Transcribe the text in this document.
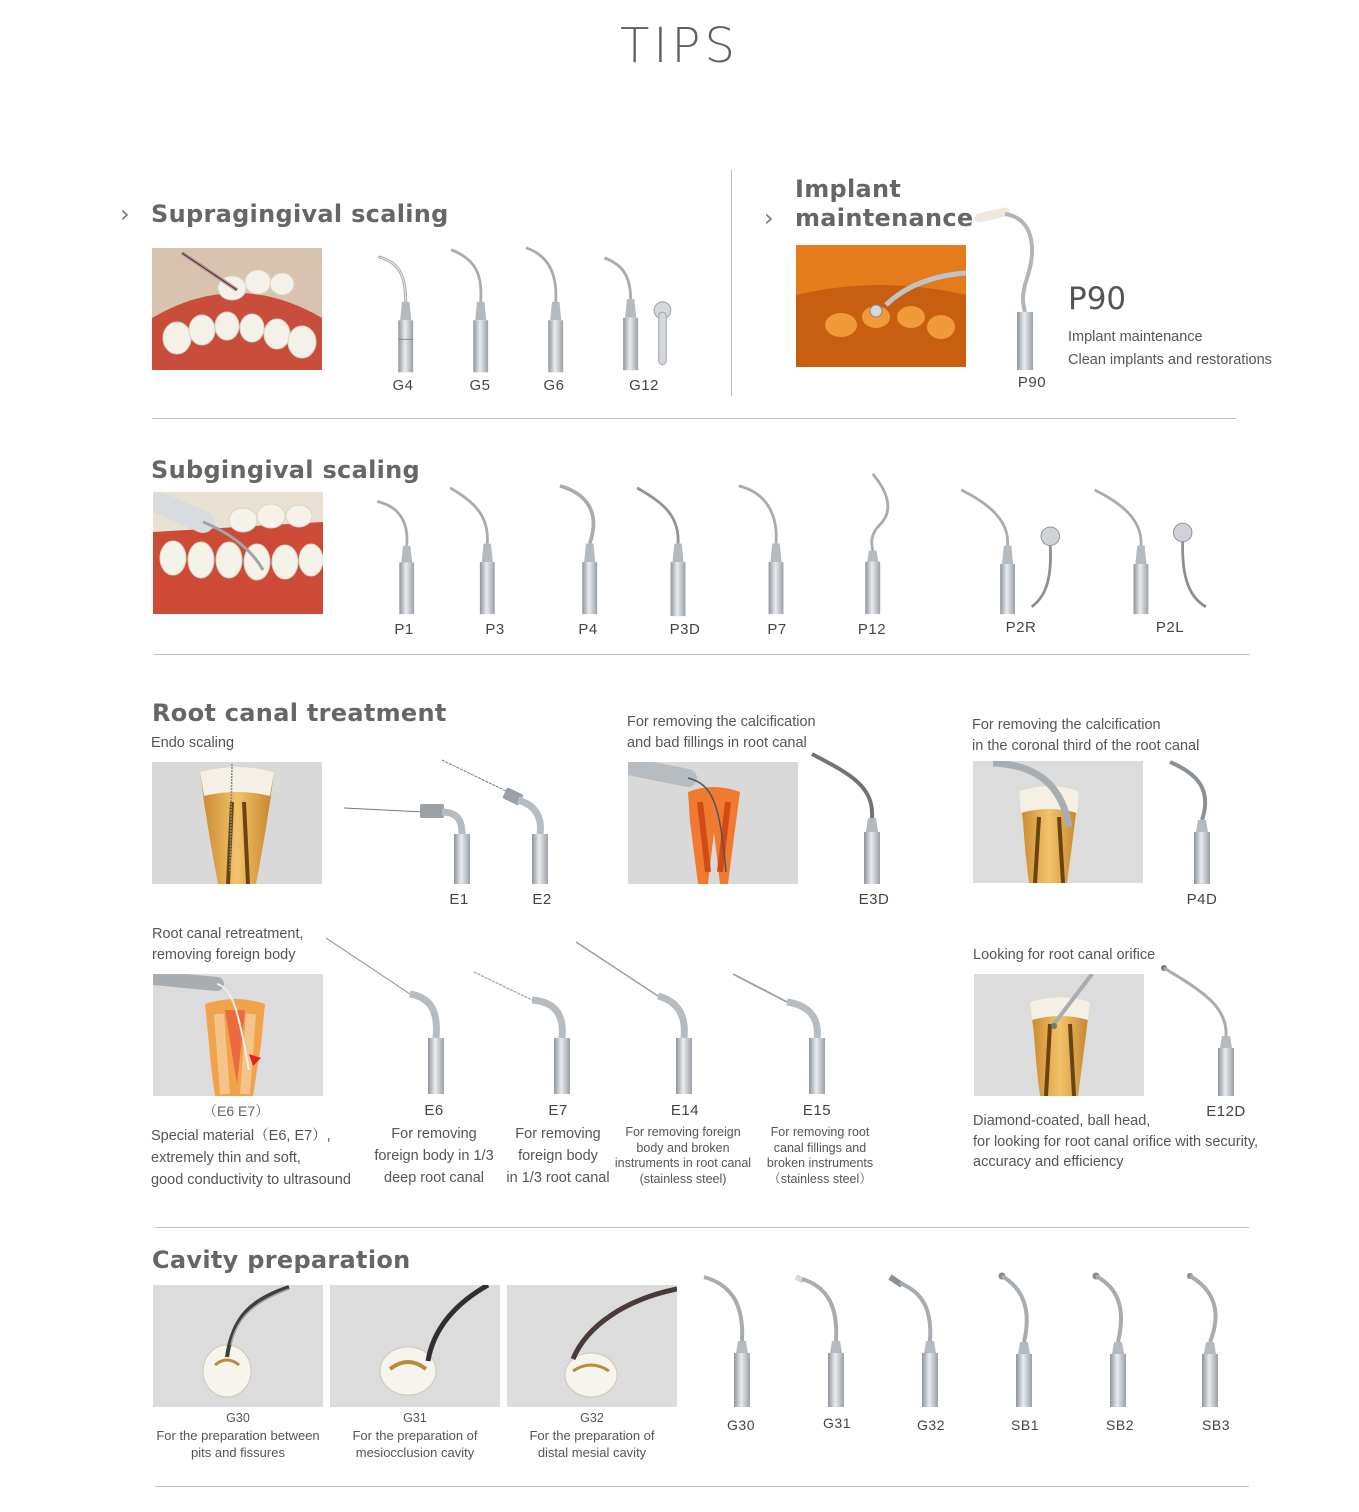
TIPS
› Supragingival scaling
G4	G5	G6	G12
›
Implant
maintenance
P90
P90
Implant maintenance
Clean implants and restorations
Subgingival scaling
P1	P3	P4	P3D	P7	P12	P2R	P2L
Root canal treatment
Endo scaling
E1	E2
For removing the calcification
and bad fillings in root canal
E3D
For removing the calcification
in the coronal third of the root canal
P4D
Root canal retreatment,
removing foreign body
（E6 E7）
Special material（E6, E7）,
extremely thin and soft,
good conductivity to ultrasound
E6
For removing
foreign body in 1/3
deep root canal
E7
For removing
foreign body
in 1/3 root canal
E14
For removing foreign
body and broken
instruments in root canal
(stainless steel)
E15
For removing root
canal fillings and
broken instruments
（stainless steel）
Looking for root canal orifice
E12D
Diamond-coated, ball head,
for looking for root canal orifice with security,
accuracy and efficiency
Cavity preparation
G30
For the preparation between
pits and fissures
G31
For the preparation of
mesiocclusion cavity
G32
For the preparation of
distal mesial cavity
G30	G31	G32	SB1	SB2	SB3
